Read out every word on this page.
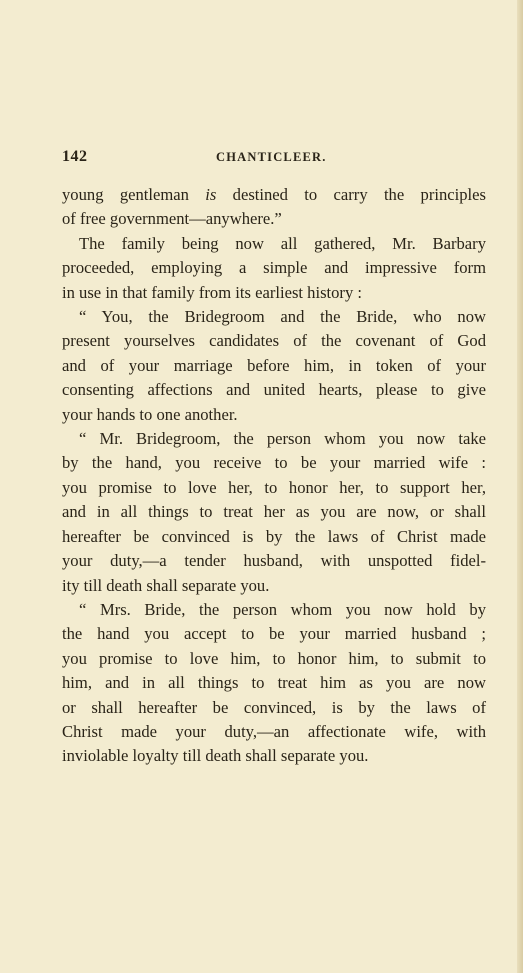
142	CHANTICLEER.

young gentleman is destined to carry the principles
of free government—anywhere.”

The family being now all gathered, Mr. Barbary
proceeded, employing a simple and impressive form
in use in that family from its earliest history :

“ You, the Bridegroom and the Bride, who now
present yourselves candidates of the covenant of God
and of your marriage before him, in token of your
consenting affections and united hearts, please to give
your hands to one another.

“ Mr. Bridegroom, the person whom you now take
by the hand, you receive to be your married wife :
you promise to love her, to honor her, to support her,
and in all things to treat her as you are now, or shall
hereafter be convinced is by the laws of Christ made
your duty,—a tender husband, with unspotted fidel-
ity till death shall separate you.

“ Mrs. Bride, the person whom you now hold by
the hand you accept to be your married husband ;
you promise to love him, to honor him, to submit to
him, and in all things to treat him as you are now
or shall hereafter be convinced, is by the laws of
Christ made your duty,—an affectionate wife, with
inviolable loyalty till death shall separate you.
